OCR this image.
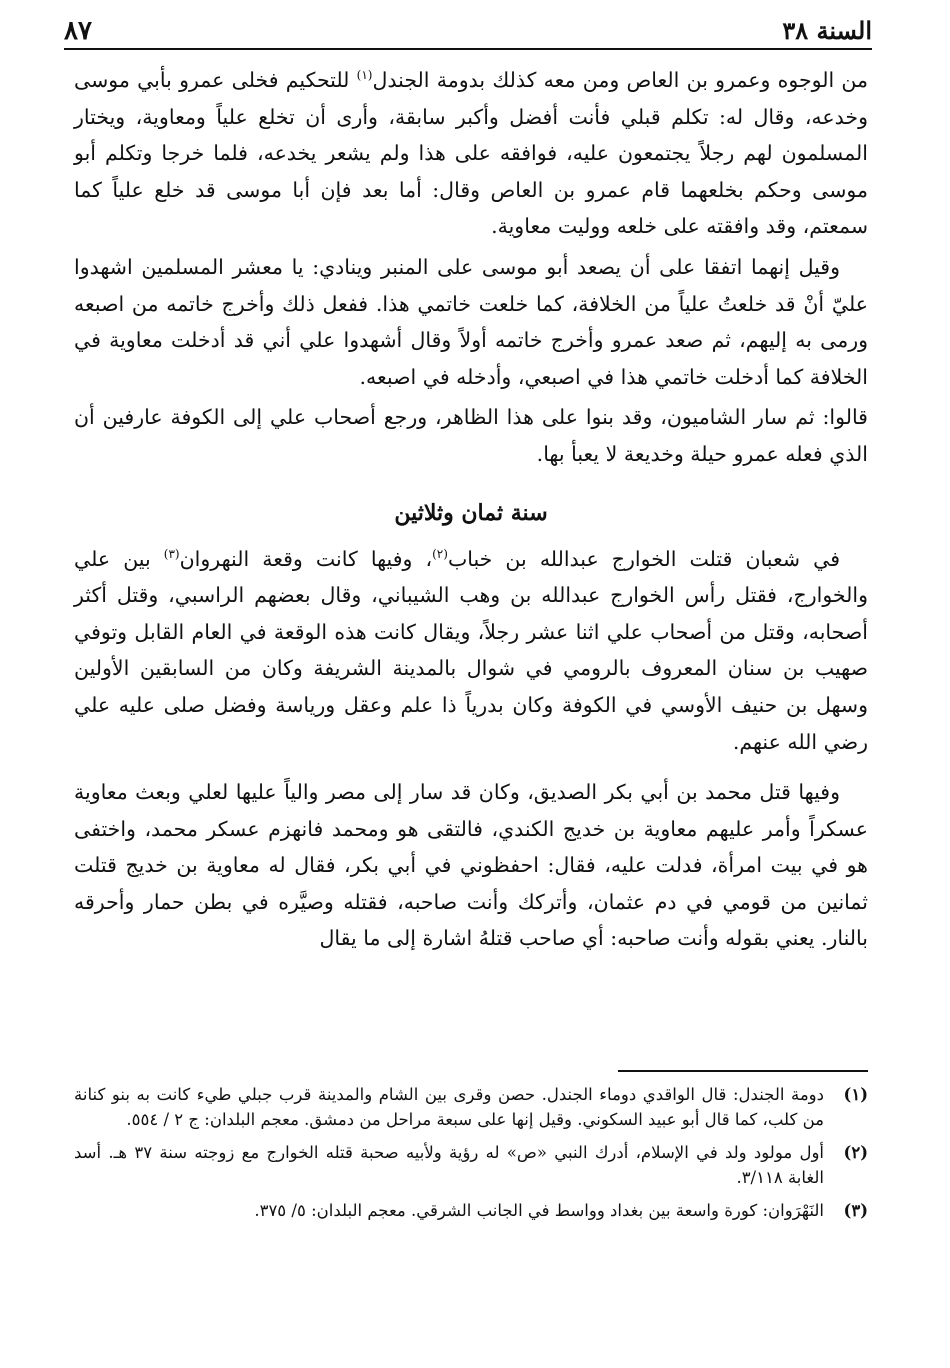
السنة ٣٨
٨٧

من الوجوه وعمرو بن العاص ومن معه كذلك بدومة الجندل$^{(١)}$ للتحكيم فخلى عمرو بأبي موسى وخدعه، وقال له: تكلم قبلي فأنت أفضل وأكبر سابقة، وأرى أن تخلع علياً ومعاوية، ويختار المسلمون لهم رجلاً يجتمعون عليه، فوافقه على هذا ولم يشعر يخدعه، فلما خرجا وتكلم أبو موسى وحكم بخلعهما قام عمرو بن العاص وقال: أما بعد فإن أبا موسى قد خلع علياً كما سمعتم، وقد وافقته على خلعه ووليت معاوية.

وقيل إنهما اتفقا على أن يصعد أبو موسى على المنبر وينادي: يا معشر المسلمين اشهدوا عليّ أنْ قد خلعتُ علياً من الخلافة، كما خلعت خاتمي هذا. ففعل ذلك وأخرج خاتمه من اصبعه ورمى به إليهم، ثم صعد عمرو وأخرج خاتمه أولاً وقال أشهدوا علي أني قد أدخلت معاوية في الخلافة كما أدخلت خاتمي هذا في اصبعي، وأدخله في اصبعه.

قالوا: ثم سار الشاميون، وقد بنوا على هذا الظاهر، ورجع أصحاب علي إلى الكوفة عارفين أن الذي فعله عمرو حيلة وخديعة لا يعبأ بها.

سنة ثمان وثلاثين

في شعبان قتلت الخوارج عبدالله بن خباب$^{(٢)}$، وفيها كانت وقعة النهروان$^{(٣)}$ بين علي والخوارج، فقتل رأس الخوارج عبدالله بن وهب الشيباني، وقال بعضهم الراسبي، وقتل أكثر أصحابه، وقتل من أصحاب علي اثنا عشر رجلاً، ويقال كانت هذه الوقعة في العام القابل وتوفي صهيب بن سنان المعروف بالرومي في شوال بالمدينة الشريفة وكان من السابقين الأولين وسهل بن حنيف الأوسي في الكوفة وكان بدرياً ذا علم وعقل ورياسة وفضل صلى عليه علي رضي الله عنهم.

وفيها قتل محمد بن أبي بكر الصديق، وكان قد سار إلى مصر والياً عليها لعلي وبعث معاوية عسكراً وأمر عليهم معاوية بن خديج الكندي، فالتقى هو ومحمد فانهزم عسكر محمد، واختفى هو في بيت امرأة، فدلت عليه، فقال: احفظوني في أبي بكر، فقال له معاوية بن خديج قتلت ثمانين من قومي في دم عثمان، وأتركك وأنت صاحبه، فقتله وصيَّره في بطن حمار وأحرقه بالنار. يعني بقوله وأنت صاحبه: أي صاحب قتلهُ اشارة إلى ما يقال

(١)
دومة الجندل: قال الواقدي دوماء الجندل. حصن وقرى بين الشام والمدينة قرب جبلي طيء كانت به بنو كنانة من كلب، كما قال أبو عبيد السكوني. وقيل إنها على سبعة مراحل من دمشق. معجم البلدان: ج ٢ / ٥٥٤.
(٢)
أول مولود ولد في الإسلام، أدرك النبي «ص» له رؤية ولأبيه صحبة قتله الخوارج مع زوجته سنة ٣٧ هـ. أسد الغابة ٣/١١٨.
(٣)
النَهْرَوان: كورة واسعة بين بغداد وواسط في الجانب الشرقي. معجم البلدان: ٥/ ٣٧٥.
